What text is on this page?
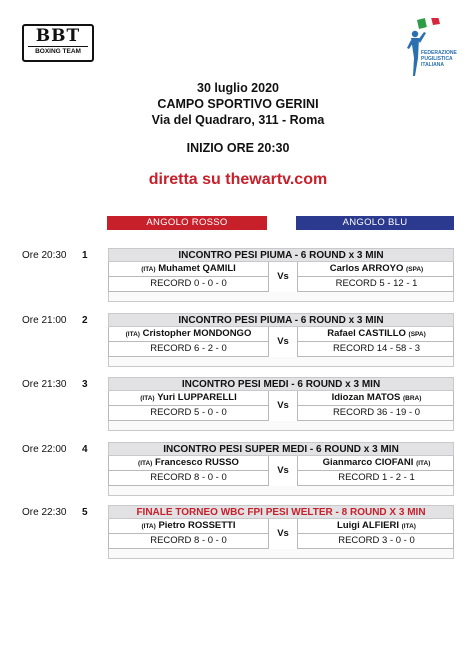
BBT
BOXING TEAM	FEDERAZIONE
PUGILISTICA
ITALIANA
30 luglio 2020
CAMPO SPORTIVO GERINI
Via del Quadraro, 311 - Roma
INIZIO ORE 20:30
diretta su thewartv.com
ANGOLO ROSSO	ANGOLO BLU
Ore 20:30 1	INCONTRO PESI PIUMA - 6 ROUND x 3 MIN
(ITA) Muhamet QAMILI	Carlos ARROYO (SPA)
RECORD 0 - 0 - 0	RECORD 5 - 12 - 1
Vs
Ore 21:00 2	INCONTRO PESI PIUMA - 6 ROUND x 3 MIN
(ITA) Cristopher MONDONGO	Rafael CASTILLO (SPA)
RECORD 6 - 2 - 0	RECORD 14 - 58 - 3
Vs
Ore 21:30 3	INCONTRO PESI MEDI - 6 ROUND x 3 MIN
(ITA) Yuri LUPPARELLI	Idiozan MATOS (BRA)
RECORD 5 - 0 - 0	RECORD 36 - 19 - 0
Vs
Ore 22:00 4	INCONTRO PESI SUPER MEDI - 6 ROUND x 3 MIN
(ITA) Francesco RUSSO	Gianmarco CIOFANI (ITA)
RECORD 8 - 0 - 0	RECORD 1 - 2 - 1
Vs
Ore 22:30 5	FINALE TORNEO WBC FPI PESI WELTER - 8 ROUND X 3 MIN
(ITA) Pietro ROSSETTI	Luigi ALFIERI (ITA)
RECORD 8 - 0 - 0	RECORD 3 - 0 - 0
Vs
